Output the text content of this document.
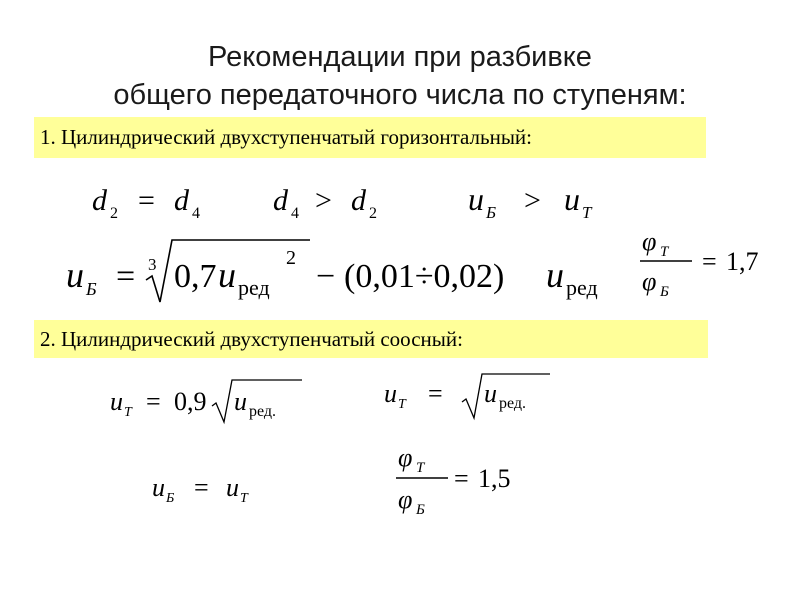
Рекомендации при разбивке
общего передаточного числа по ступеням:
1. Цилиндрический двухступенчатый горизонтальный:
d 2 = d 4 d 4 > d 2	u Б > u Т
u Б = 3 0,7 u ред
2 − (0,01÷0,02) u ред
φ Т
φ Б
= 1,7
2. Цилиндрический двухступенчатый соосный:
u Т = 0,9 u ред.
u Т = u ред.
u Б = u Т
φ Т
φ Б
= 1,5
